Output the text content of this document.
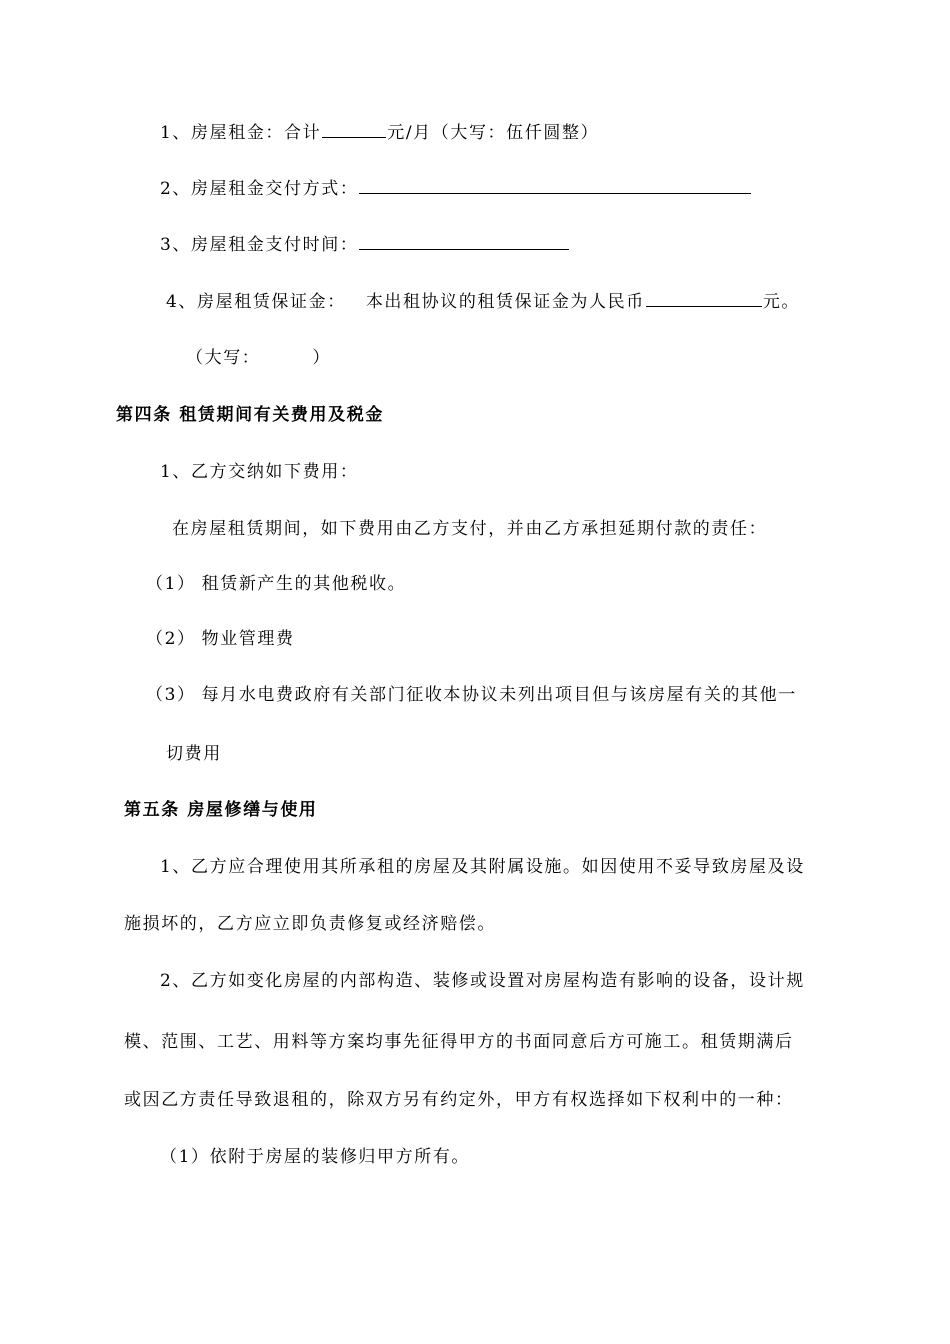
1、房屋租金：合计	元/月（大写：伍仟圆整）
2、房屋租金交付方式：
3、房屋租金支付时间：
4、房屋租赁保证金： 本出租协议的租赁保证金为人民币	元。
（大写：	）
第四条 租赁期间有关费用及税金
1、乙方交纳如下费用：
在房屋租赁期间，如下费用由乙方支付，并由乙方承担延期付款的责任：
（1） 租赁新产生的其他税收。
（2） 物业管理费
（3） 每月水电费政府有关部门征收本协议未列出项目但与该房屋有关的其他一
切费用
第五条 房屋修缮与使用
1、乙方应合理使用其所承租的房屋及其附属设施。如因使用不妥导致房屋及设
施损坏的，乙方应立即负责修复或经济赔偿。
2、乙方如变化房屋的内部构造、装修或设置对房屋构造有影响的设备，设计规
模、范围、工艺、用料等方案均事先征得甲方的书面同意后方可施工。租赁期满后
或因乙方责任导致退租的，除双方另有约定外，甲方有权选择如下权利中的一种：
（1）依附于房屋的装修归甲方所有。
